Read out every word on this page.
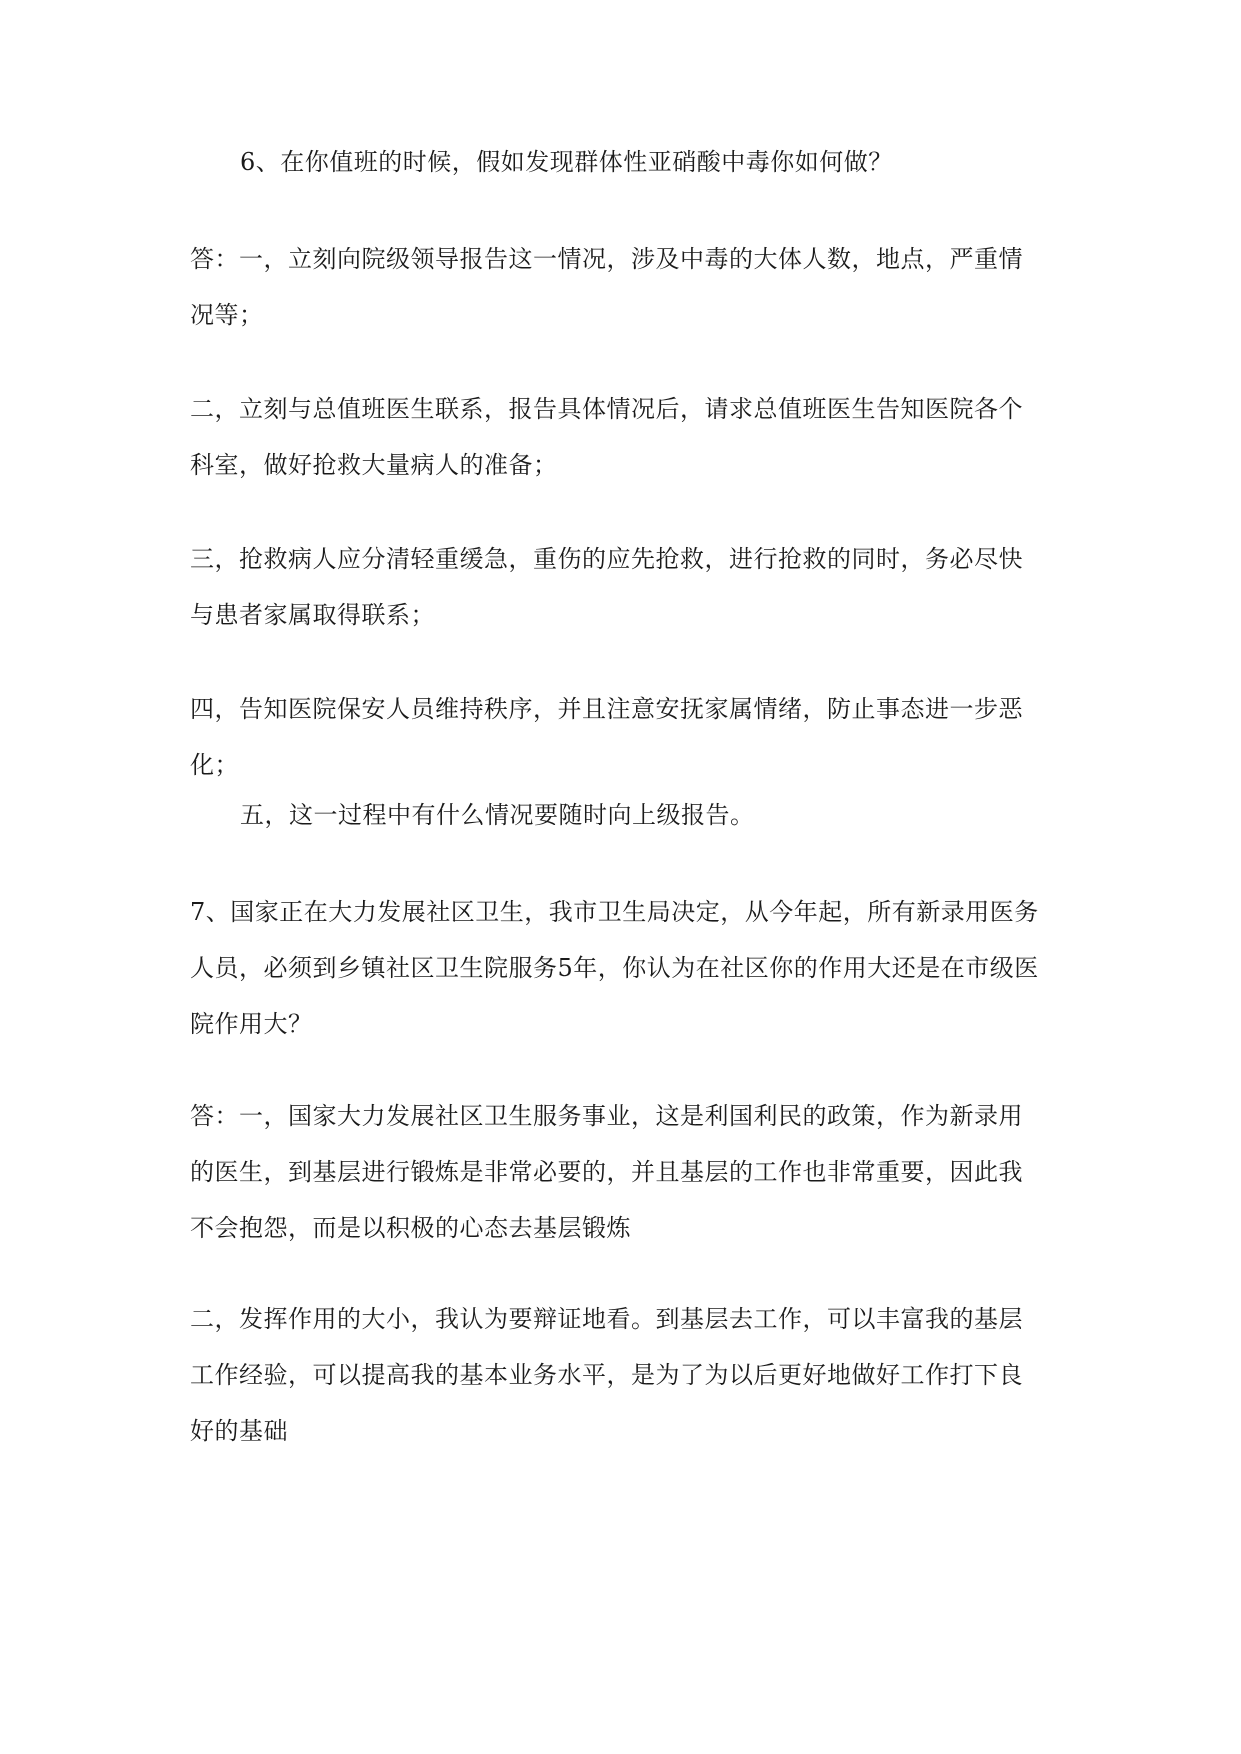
6、在你值班的时候，假如发现群体性亚硝酸中毒你如何做？

答：一，立刻向院级领导报告这一情况，涉及中毒的大体人数，地点，严重情
况等；

二，立刻与总值班医生联系，报告具体情况后，请求总值班医生告知医院各个
科室，做好抢救大量病人的准备；

三，抢救病人应分清轻重缓急，重伤的应先抢救，进行抢救的同时，务必尽快
与患者家属取得联系；

四，告知医院保安人员维持秩序，并且注意安抚家属情绪，防止事态进一步恶
化；

五，这一过程中有什么情况要随时向上级报告。

7、国家正在大力发展社区卫生，我市卫生局决定，从今年起，所有新录用医务
人员，必须到乡镇社区卫生院服务5年，你认为在社区你的作用大还是在市级医
院作用大？

答：一，国家大力发展社区卫生服务事业，这是利国利民的政策，作为新录用
的医生，到基层进行锻炼是非常必要的，并且基层的工作也非常重要，因此我
不会抱怨，而是以积极的心态去基层锻炼

二，发挥作用的大小，我认为要辩证地看。到基层去工作，可以丰富我的基层
工作经验，可以提高我的基本业务水平，是为了为以后更好地做好工作打下良
好的基础
